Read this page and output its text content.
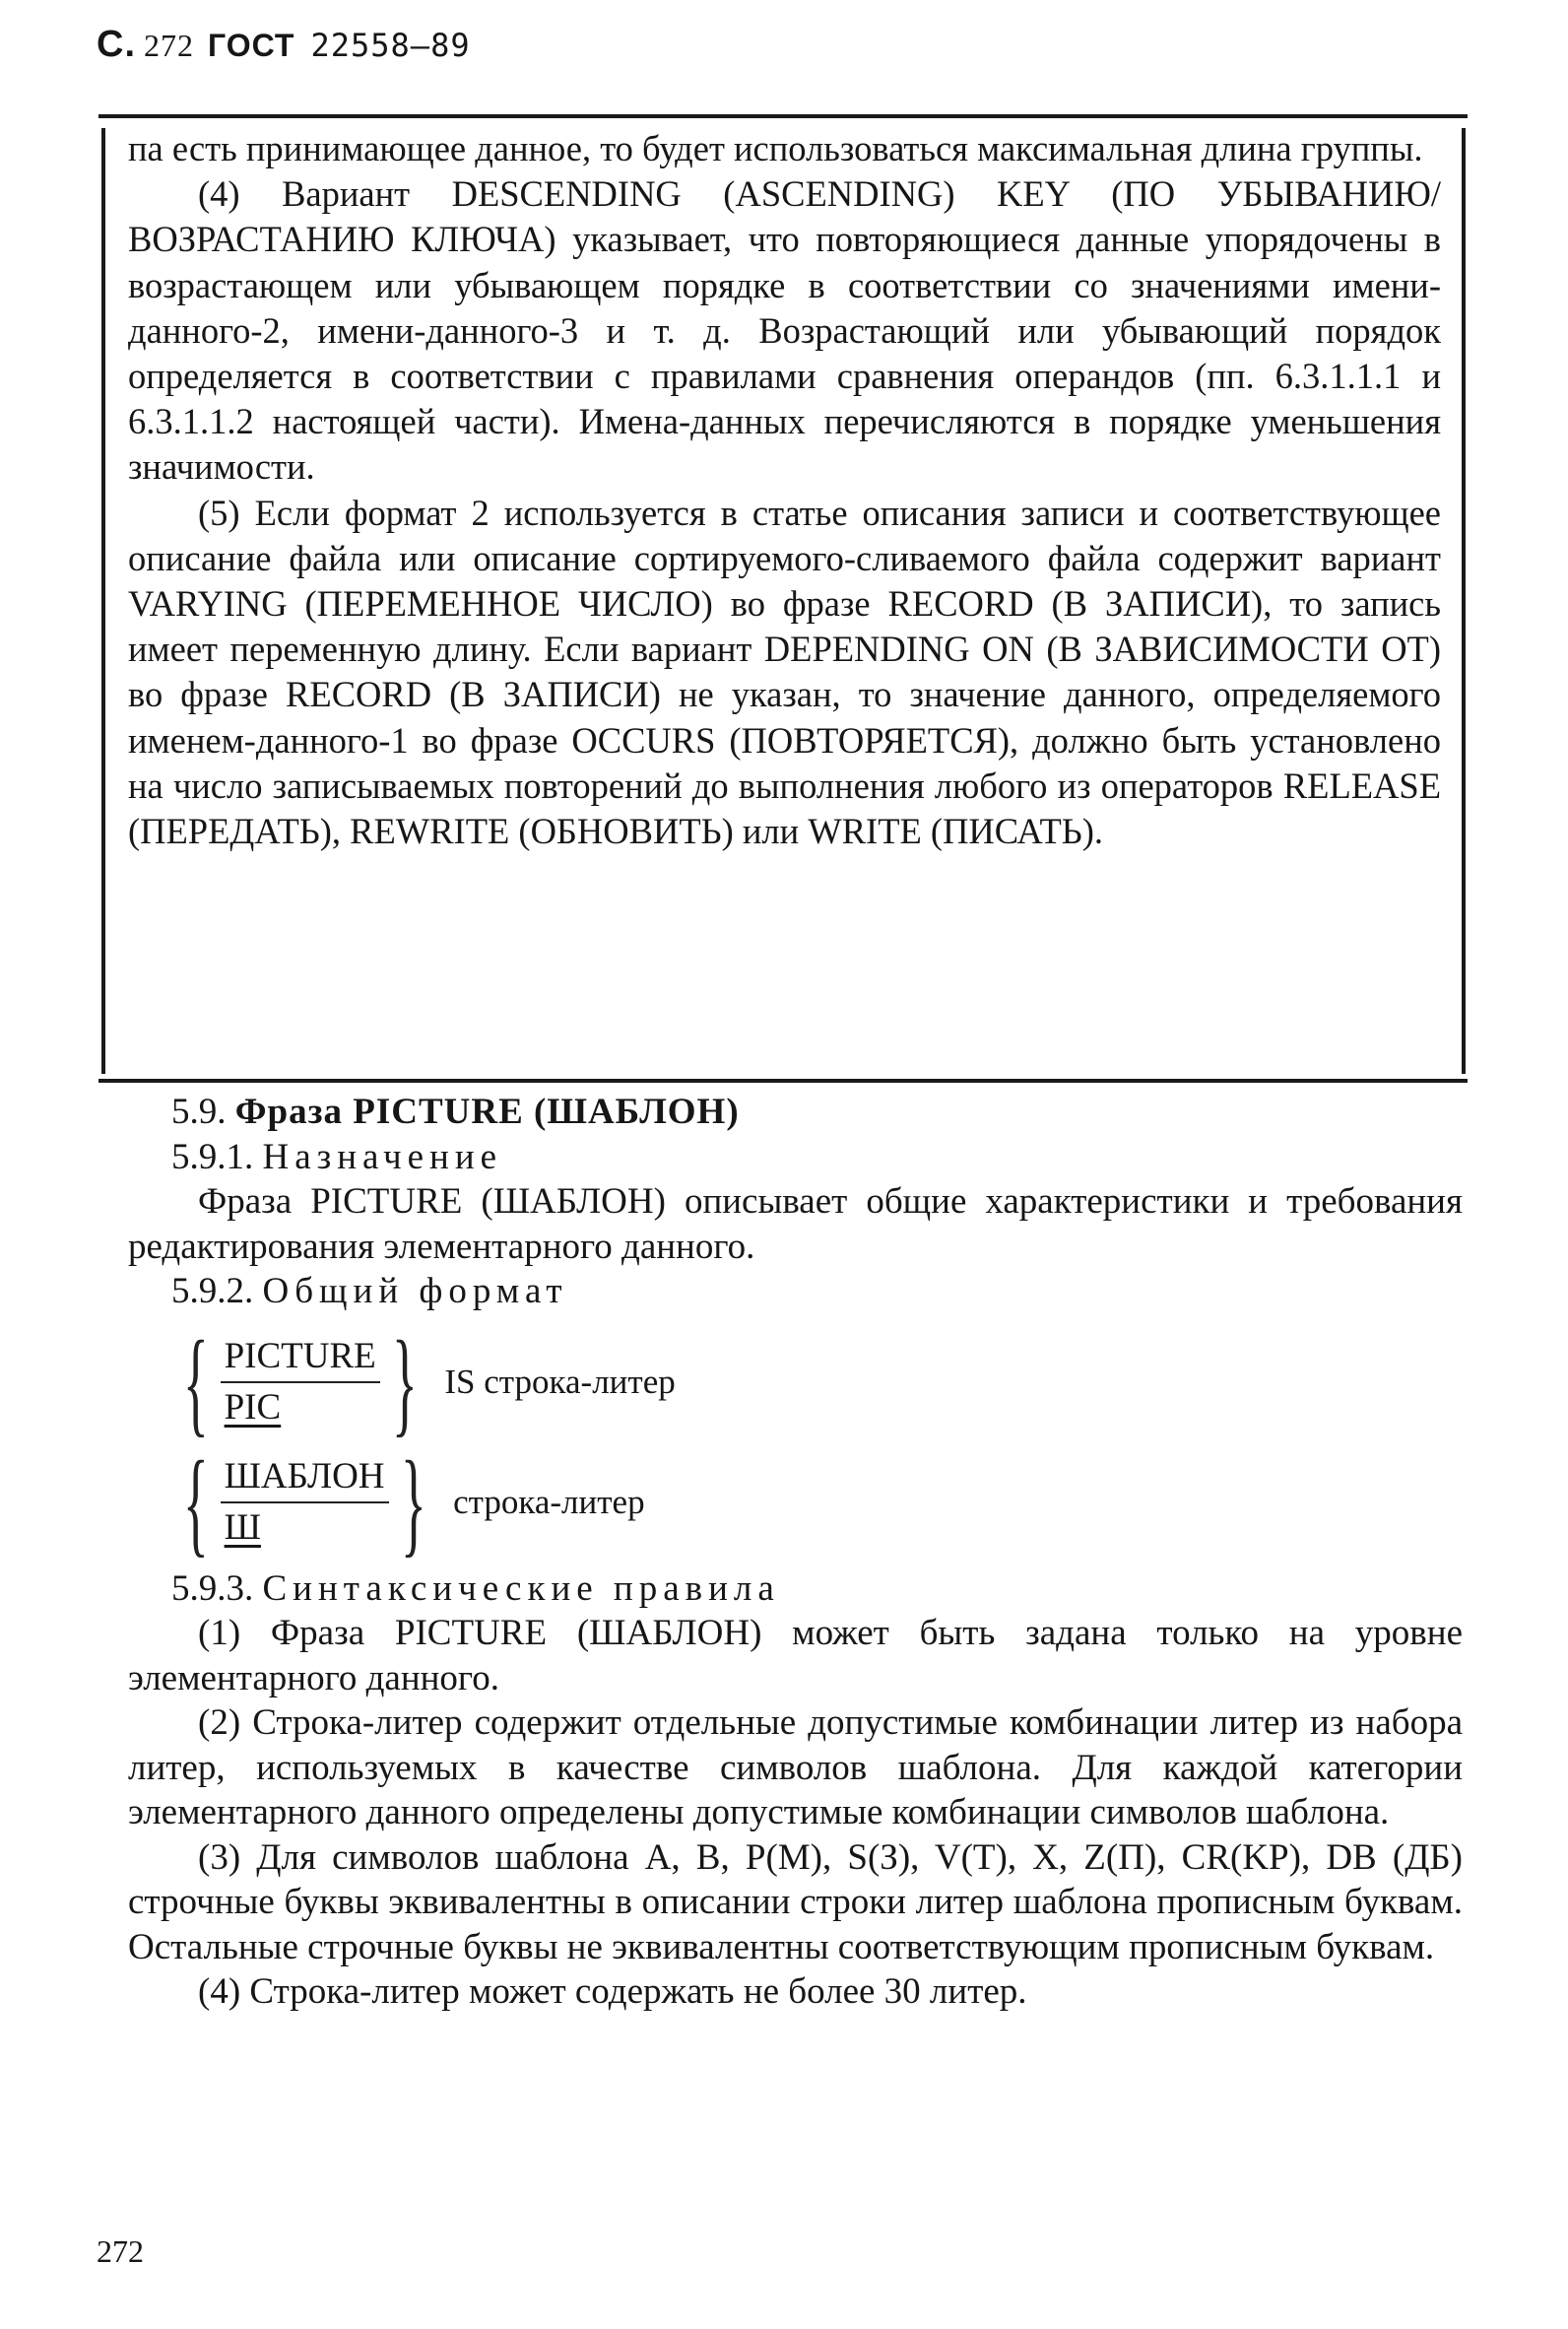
С. 272 ГОСТ 22558—89

па есть принимающее данное, то будет использоваться максимальная длина группы.

(4) Вариант DESCENDING (ASCENDING) KEY (ПО УБЫВАНИЮ/ВОЗРАСТАНИЮ КЛЮЧА) указывает, что повторяющиеся данные упорядочены в возрастающем или убывающем порядке в соответствии со значениями имени-данного-2, имени-данного-3 и т. д. Возрастающий или убывающий порядок определяется в соответствии с правилами сравнения операндов (пп. 6.3.1.1.1 и 6.3.1.1.2 настоящей части). Имена-данных перечисляются в порядке уменьшения значимости.

(5) Если формат 2 используется в статье описания записи и соответствующее описание файла или описание сортируемого-сливаемого файла содержит вариант VARYING (ПЕРЕМЕННОЕ ЧИСЛО) во фразе RECORD (В ЗАПИСИ), то запись имеет переменную длину. Если вариант DEPENDING ON (В ЗАВИСИМОСТИ ОТ) во фразе RECORD (В ЗАПИСИ) не указан, то значение данного, определяемого именем-данного-1 во фразе OCCURS (ПОВТОРЯЕТСЯ), должно быть установлено на число записываемых повторений до выполнения любого из операторов RELEASE (ПЕРЕДАТЬ), REWRITE (ОБНОВИТЬ) или WRITE (ПИСАТЬ).

5.9. Фраза PICTURE (ШАБЛОН)

5.9.1. Назначение

Фраза PICTURE (ШАБЛОН) описывает общие характеристики и требования редактирования элементарного данного.

5.9.2. Общий формат

{ PICTURE
PIC } IS строка-литер
{ ШАБЛОН
Ш } строка-литер

5.9.3. Синтаксические правила

(1) Фраза PICTURE (ШАБЛОН) может быть задана только на уровне элементарного данного.

(2) Строка-литер содержит отдельные допустимые комбинации литер из набора литер, используемых в качестве символов шаблона. Для каждой категории элементарного данного определены допустимые комбинации символов шаблона.

(3) Для символов шаблона A, B, P(M), S(З), V(T), X, Z(П), CR(KP), DB (ДБ) строчные буквы эквивалентны в описании строки литер шаблона прописным буквам. Остальные строчные буквы не эквивалентны соответствующим прописным буквам.

(4) Строка-литер может содержать не более 30 литер.

272
